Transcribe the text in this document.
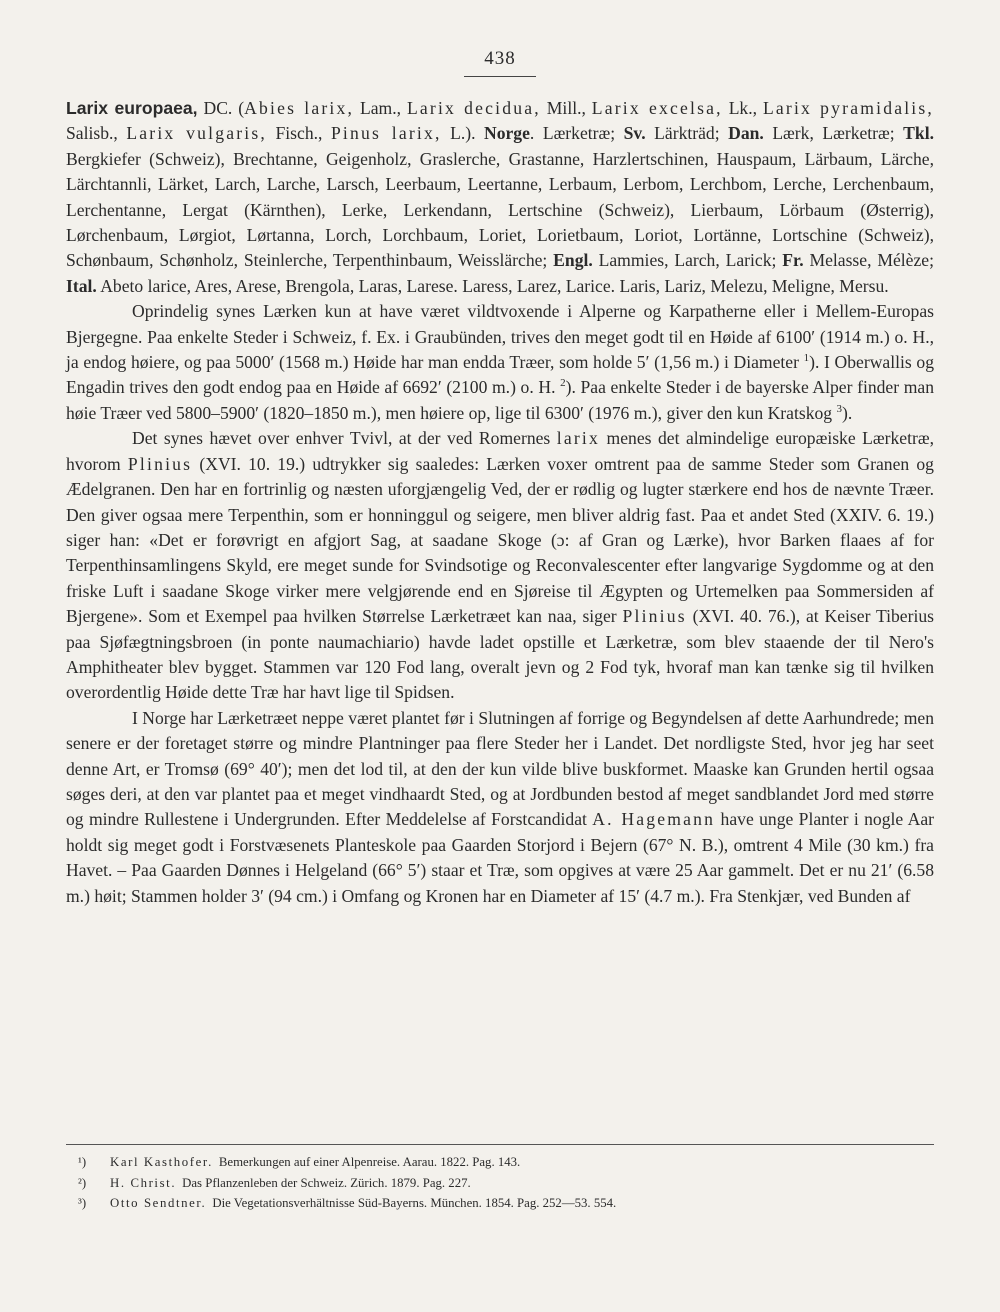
438

Larix europaea, DC. (Abies larix, Lam., Larix decidua, Mill., Larix excelsa, Lk., Larix pyramidalis, Salisb., Larix vulgaris, Fisch., Pinus larix, L.). Norge. Lærketræ; Sv. Lärkträd; Dan. Lærk, Lærketræ; Tkl. Bergkiefer (Schweiz), Brechtanne, Geigenholz, Graslerche, Grastanne, Harzlertschinen, Hauspaum, Lärbaum, Lärche, Lärchtannli, Lärket, Larch, Larche, Larsch, Leerbaum, Leertanne, Lerbaum, Lerbom, Lerchbom, Lerche, Lerchenbaum, Lerchentanne, Lergat (Kärnthen), Lerke, Lerkendann, Lertschine (Schweiz), Lierbaum, Lörbaum (Østerrig), Lørchenbaum, Lørgiot, Lørtanna, Lorch, Lorchbaum, Loriet, Lorietbaum, Loriot, Lortänne, Lortschine (Schweiz), Schønbaum, Schønholz, Steinlerche, Terpenthinbaum, Weisslärche; Engl. Lammies, Larch, Larick; Fr. Melasse, Mélèze; Ital. Abeto larice, Ares, Arese, Brengola, Laras, Larese. Laress, Larez, Larice. Laris, Lariz, Melezu, Meligne, Mersu.

Oprindelig synes Lærken kun at have været vildtvoxende i Alperne og Karpatherne eller i Mellem-Europas Bjergegne. Paa enkelte Steder i Schweiz, f. Ex. i Graubünden, trives den meget godt til en Høide af 6100′ (1914 m.) o. H., ja endog høiere, og paa 5000′ (1568 m.) Høide har man endda Træer, som holde 5′ (1,56 m.) i Diameter $^1$). I Oberwallis og Engadin trives den godt endog paa en Høide af 6692′ (2100 m.) o. H. $^2$). Paa enkelte Steder i de bayerske Alper finder man høie Træer ved 5800–5900′ (1820–1850 m.), men høiere op, lige til 6300′ (1976 m.), giver den kun Kratskog $^3$).

Det synes hævet over enhver Tvivl, at der ved Romernes larix menes det almindelige europæiske Lærketræ, hvorom Plinius (XVI. 10. 19.) udtrykker sig saaledes: Lærken voxer omtrent paa de samme Steder som Granen og Ædelgranen. Den har en fortrinlig og næsten uforgjængelig Ved, der er rødlig og lugter stærkere end hos de nævnte Træer. Den giver ogsaa mere Terpenthin, som er honninggul og seigere, men bliver aldrig fast. Paa et andet Sted (XXIV. 6. 19.) siger han: «Det er forøvrigt en afgjort Sag, at saadane Skoge (ɔ: af Gran og Lærke), hvor Barken flaaes af for Terpenthinsamlingens Skyld, ere meget sunde for Svindsotige og Reconvalescenter efter langvarige Sygdomme og at den friske Luft i saadane Skoge virker mere velgjørende end en Sjøreise til Ægypten og Urtemelken paa Sommersiden af Bjergene». Som et Exempel paa hvilken Størrelse Lærketræet kan naa, siger Plinius (XVI. 40. 76.), at Keiser Tiberius paa Sjøfægtningsbroen (in ponte naumachiario) havde ladet opstille et Lærketræ, som blev staaende der til Nero's Amphitheater blev bygget. Stammen var 120 Fod lang, overalt jevn og 2 Fod tyk, hvoraf man kan tænke sig til hvilken overordentlig Høide dette Træ har havt lige til Spidsen.

I Norge har Lærketræet neppe været plantet før i Slutningen af forrige og Begyndelsen af dette Aarhundrede; men senere er der foretaget større og mindre Plantninger paa flere Steder her i Landet. Det nordligste Sted, hvor jeg har seet denne Art, er Tromsø (69° 40′); men det lod til, at den der kun vilde blive buskformet. Maaske kan Grunden hertil ogsaa søges deri, at den var plantet paa et meget vindhaardt Sted, og at Jordbunden bestod af meget sandblandet Jord med større og mindre Rullestene i Undergrunden. Efter Meddelelse af Forstcandidat A. Hagemann have unge Planter i nogle Aar holdt sig meget godt i Forstvæsenets Planteskole paa Gaarden Storjord i Bejern (67° N. B.), omtrent 4 Mile (30 km.) fra Havet. – Paa Gaarden Dønnes i Helgeland (66° 5′) staar et Træ, som opgives at være 25 Aar gammelt. Det er nu 21′ (6.58 m.) høit; Stammen holder 3′ (94 cm.) i Omfang og Kronen har en Diameter af 15′ (4.7 m.). Fra Stenkjær, ved Bunden af

¹)	Karl Kasthofer. Bemerkungen auf einer Alpenreise. Aarau. 1822. Pag. 143.
²)	H. Christ. Das Pflanzenleben der Schweiz. Zürich. 1879. Pag. 227.
³)	Otto Sendtner. Die Vegetationsverhältnisse Süd-Bayerns. München. 1854. Pag. 252—53. 554.
